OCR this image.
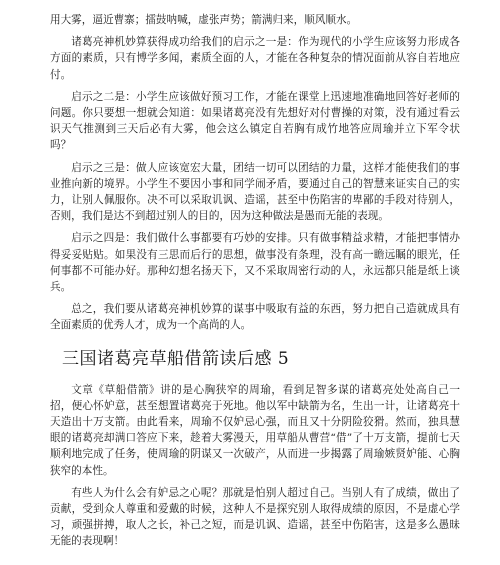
用大雾，逼近曹寨；擂鼓呐喊，虚张声势；箭满归来，顺风顺水。

诸葛亮神机妙算获得成功给我们的启示之一是：作为现代的小学生应该努力形成各方面的素质，只有博学多闻，素质全面的人，才能在各种复杂的情况面前从容自若地应付。

启示之二是：小学生应该做好预习工作，才能在课堂上迅速地准确地回答好老师的问题。你只要想一想就会知道：如果诸葛亮没有先想好对付曹操的对策，没有通过看云识天气推测到三天后必有大雾，他会这么镇定自若胸有成竹地答应周瑜并立下军令状吗？

启示之三是：做人应该宽宏大量，团结一切可以团结的力量，这样才能使我们的事业推向新的境界。小学生不要因小事和同学闹矛盾，要通过自己的智慧来证实自己的实力，让别人佩服你。决不可以采取讥讽、造谣，甚至中伤陷害的卑鄙的手段对待别人，否则，我们是达不到超过别人的目的，因为这种做法是愚而无能的表现。

启示之四是：我们做什么事都要有巧妙的安排。只有做事精益求精，才能把事情办得妥妥贴贴。如果没有三思而后行的思想，做事没有条理，没有高一瞻远瞩的眼光，任何事都不可能办好。那种幻想名扬天下，又不采取周密行动的人，永远都只能是纸上谈兵。

总之，我们要从诸葛亮神机妙算的谋事中吸取有益的东西，努力把自己造就成具有全面素质的优秀人才，成为一个高尚的人。

三国诸葛亮草船借箭读后感 5

文章《草船借箭》讲的是心胸狭窄的周瑜，看到足智多谋的诸葛亮处处高自己一招，便心怀妒意，甚至想置诸葛亮于死地。他以军中缺箭为名，生出一计，让诸葛亮十天造出十万支箭。由此看来，周瑜不仅妒忌心强，而且又十分阴险狡猾。然而，独具慧眼的诸葛亮却满口答应下来，趁着大雾漫天，用草船从曹营“借”了十万支箭，提前七天顺利地完成了任务，使周瑜的阴谋又一次破产，从而进一步揭露了周瑜嫉贤妒能、心胸狭窄的本性。

有些人为什么会有妒忌之心呢？那就是怕别人超过自己。当别人有了成绩，做出了贡献，受到众人尊重和爱戴的时候，这种人不是探究别人取得成绩的原因，不是虚心学习，顽强拼搏，取人之长，补己之短，而是讥讽、造谣，甚至中伤陷害，这是多么愚昧无能的表现啊！
